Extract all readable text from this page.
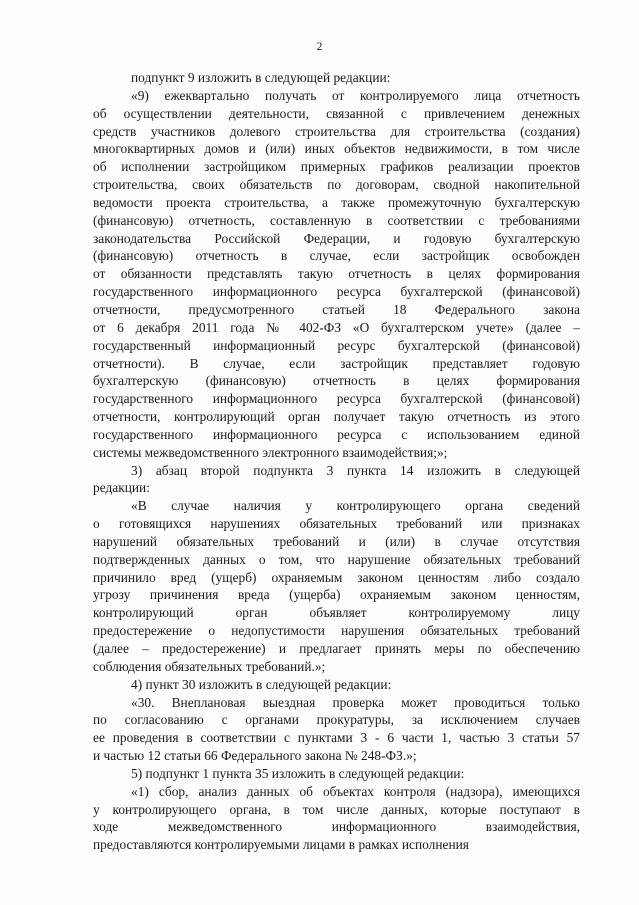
2
подпункт 9 изложить в следующей редакции:
«9) ежеквартально получать от контролируемого лица отчетность
об осуществлении деятельности, связанной с привлечением денежных
средств участников долевого строительства для строительства (создания)
многоквартирных домов и (или) иных объектов недвижимости, в том числе
об исполнении застройщиком примерных графиков реализации проектов
строительства, своих обязательств по договорам, сводной накопительной
ведомости проекта строительства, а также промежуточную бухгалтерскую
(финансовую) отчетность, составленную в соответствии с требованиями
законодательства Российской Федерации, и годовую бухгалтерскую
(финансовую) отчетность в случае, если застройщик освобожден
от обязанности представлять такую отчетность в целях формирования
государственного информационного ресурса бухгалтерской (финансовой)
отчетности, предусмотренного статьей 18 Федерального закона
от 6 декабря 2011 года № 402-ФЗ «О бухгалтерском учете» (далее –
государственный информационный ресурс бухгалтерской (финансовой)
отчетности). В случае, если застройщик представляет годовую
бухгалтерскую (финансовую) отчетность в целях формирования
государственного информационного ресурса бухгалтерской (финансовой)
отчетности, контролирующий орган получает такую отчетность из этого
государственного информационного ресурса с использованием единой
системы межведомственного электронного взаимодействия;»;
3) абзац второй подпункта 3 пункта 14 изложить в следующей
редакции:
«В случае наличия у контролирующего органа сведений
о готовящихся нарушениях обязательных требований или признаках
нарушений обязательных требований и (или) в случае отсутствия
подтвержденных данных о том, что нарушение обязательных требований
причинило вред (ущерб) охраняемым законом ценностям либо создало
угрозу причинения вреда (ущерба) охраняемым законом ценностям,
контролирующий орган объявляет контролируемому лицу
предостережение о недопустимости нарушения обязательных требований
(далее – предостережение) и предлагает принять меры по обеспечению
соблюдения обязательных требований.»;
4) пункт 30 изложить в следующей редакции:
«30. Внеплановая выездная проверка может проводиться только
по согласованию с органами прокуратуры, за исключением случаев
ее проведения в соответствии с пунктами 3 - 6 части 1, частью 3 статьи 57
и частью 12 статьи 66 Федерального закона № 248-ФЗ.»;
5) подпункт 1 пункта 35 изложить в следующей редакции:
«1) сбор, анализ данных об объектах контроля (надзора), имеющихся
у контролирующего органа, в том числе данных, которые поступают в
ходе межведомственного информационного взаимодействия,
предоставляются контролируемыми лицами в рамках исполнения
